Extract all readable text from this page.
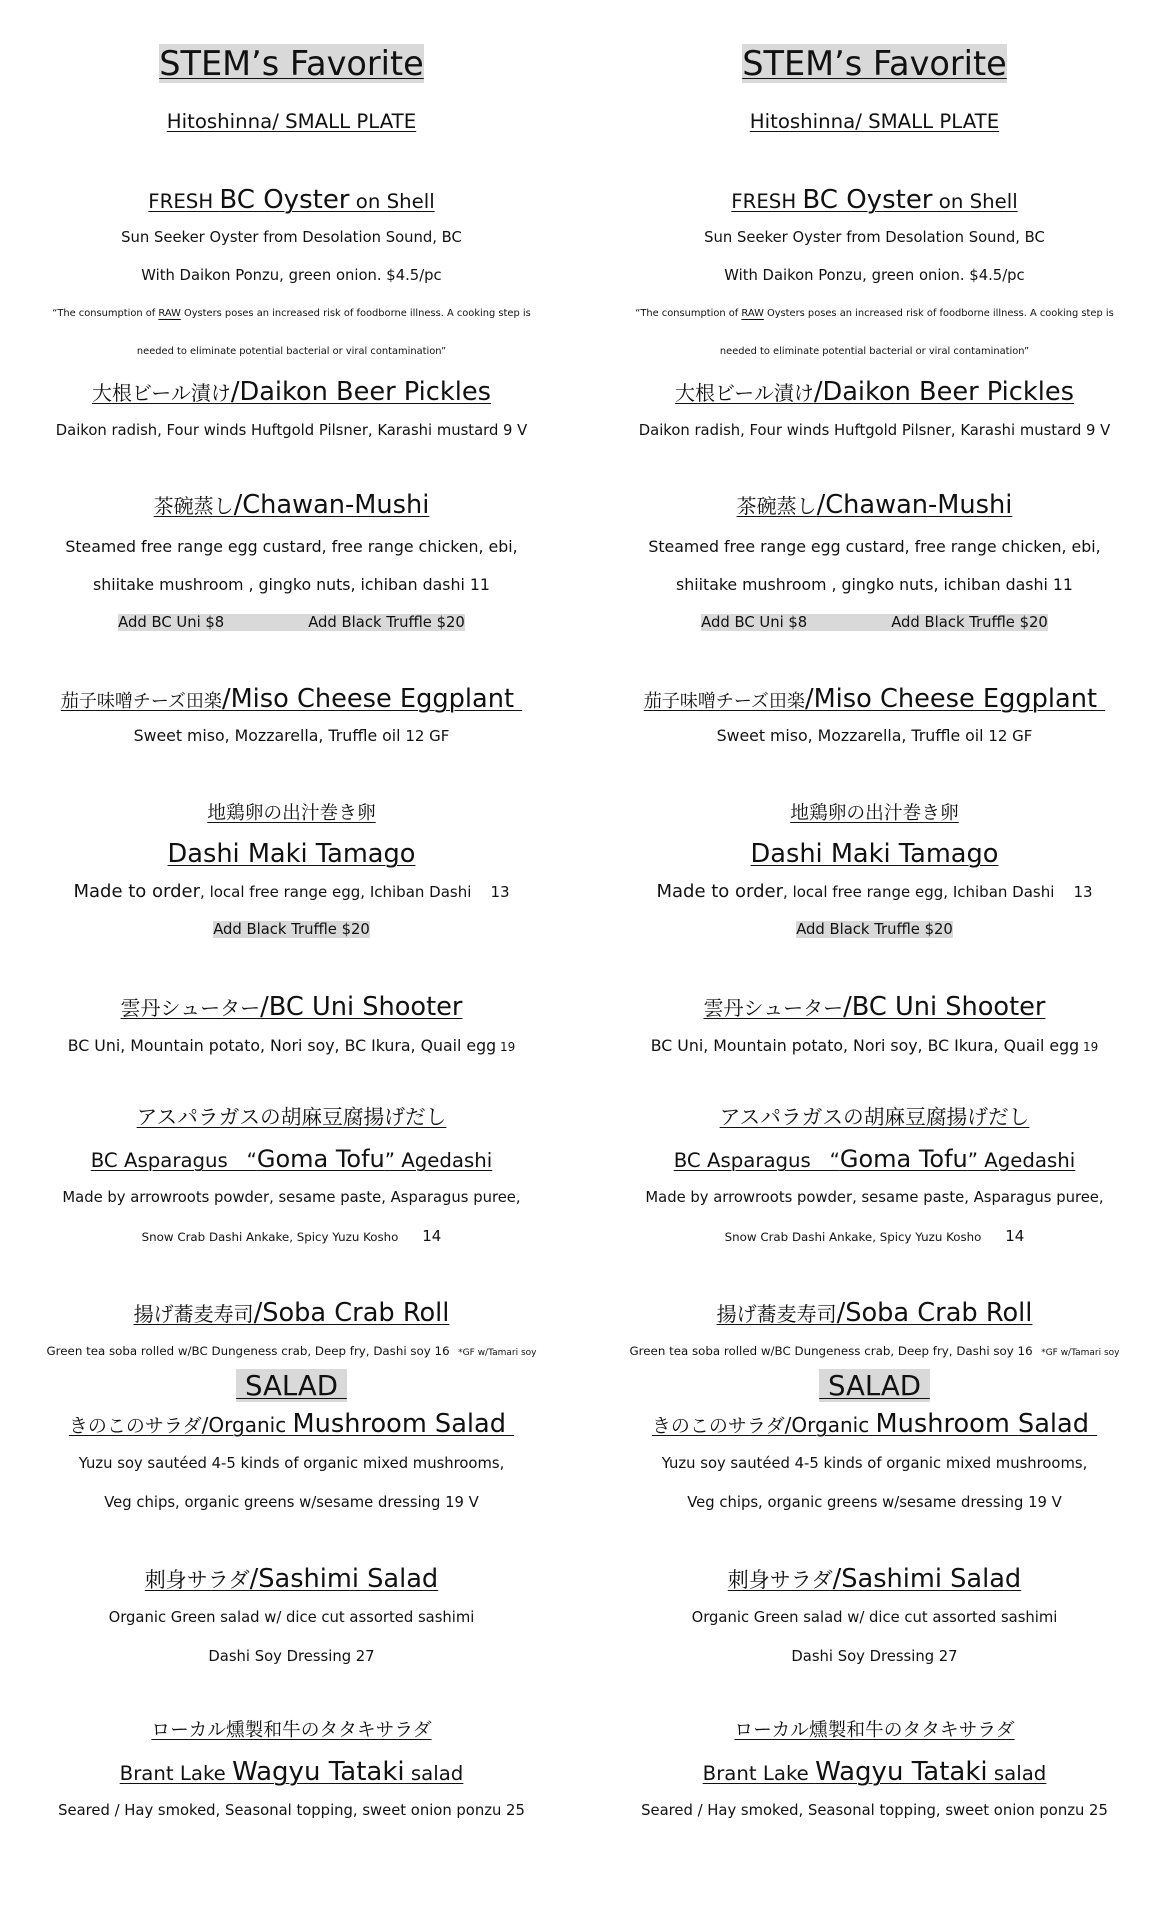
STEM’s Favorite
Hitoshinna/ SMALL PLATE
FRESH BC Oyster on Shell
Sun Seeker Oyster from Desolation Sound, BC
With Daikon Ponzu, green onion. $4.5/pc
“The consumption of RAW Oysters poses an increased risk of foodborne illness. A cooking step is
needed to eliminate potential bacterial or viral contamination”
大根ビール漬け/Daikon Beer Pickles
Daikon radish, Four winds Huftgold Pilsner, Karashi mustard 9 V
茶碗蒸し/Chawan-Mushi
Steamed free range egg custard, free range chicken, ebi,
shiitake mushroom , gingko nuts, ichiban dashi 11
Add BC Uni $8	Add Black Truffle $20
茄子味噌チーズ田楽/Miso Cheese Eggplant
Sweet miso, Mozzarella, Truffle oil 12 GF
地鶏卵の出汁巻き卵
Dashi Maki Tamago
Made to order, local free range egg, Ichiban Dashi    13
Add Black Truffle $20
雲丹シューター/BC Uni Shooter
BC Uni, Mountain potato, Nori soy, BC Ikura, Quail egg 19
アスパラガスの胡麻豆腐揚げだし
BC Asparagus   “Goma Tofu” Agedashi
Made by arrowroots powder, sesame paste, Asparagus puree,
Snow Crab Dashi Ankake, Spicy Yuzu Kosho     14
揚げ蕎麦寿司/Soba Crab Roll
Green tea soba rolled w/BC Dungeness crab, Deep fry, Dashi soy 16   *GF w/Tamari soy
SALAD
きのこのサラダ/Organic Mushroom Salad
Yuzu soy sautéed 4-5 kinds of organic mixed mushrooms,
Veg chips, organic greens w/sesame dressing 19 V
刺身サラダ/Sashimi Salad
Organic Green salad w/ dice cut assorted sashimi
Dashi Soy Dressing 27
ローカル燻製和牛のタタキサラダ
Brant Lake Wagyu Tataki salad
Seared / Hay smoked, Seasonal topping, sweet onion ponzu 25
STEM’s Favorite
Hitoshinna/ SMALL PLATE
FRESH BC Oyster on Shell
Sun Seeker Oyster from Desolation Sound, BC
With Daikon Ponzu, green onion. $4.5/pc
“The consumption of RAW Oysters poses an increased risk of foodborne illness. A cooking step is
needed to eliminate potential bacterial or viral contamination”
大根ビール漬け/Daikon Beer Pickles
Daikon radish, Four winds Huftgold Pilsner, Karashi mustard 9 V
茶碗蒸し/Chawan-Mushi
Steamed free range egg custard, free range chicken, ebi,
shiitake mushroom , gingko nuts, ichiban dashi 11
Add BC Uni $8	Add Black Truffle $20
茄子味噌チーズ田楽/Miso Cheese Eggplant
Sweet miso, Mozzarella, Truffle oil 12 GF
地鶏卵の出汁巻き卵
Dashi Maki Tamago
Made to order, local free range egg, Ichiban Dashi    13
Add Black Truffle $20
雲丹シューター/BC Uni Shooter
BC Uni, Mountain potato, Nori soy, BC Ikura, Quail egg 19
アスパラガスの胡麻豆腐揚げだし
BC Asparagus   “Goma Tofu” Agedashi
Made by arrowroots powder, sesame paste, Asparagus puree,
Snow Crab Dashi Ankake, Spicy Yuzu Kosho     14
揚げ蕎麦寿司/Soba Crab Roll
Green tea soba rolled w/BC Dungeness crab, Deep fry, Dashi soy 16   *GF w/Tamari soy
SALAD
きのこのサラダ/Organic Mushroom Salad
Yuzu soy sautéed 4-5 kinds of organic mixed mushrooms,
Veg chips, organic greens w/sesame dressing 19 V
刺身サラダ/Sashimi Salad
Organic Green salad w/ dice cut assorted sashimi
Dashi Soy Dressing 27
ローカル燻製和牛のタタキサラダ
Brant Lake Wagyu Tataki salad
Seared / Hay smoked, Seasonal topping, sweet onion ponzu 25
